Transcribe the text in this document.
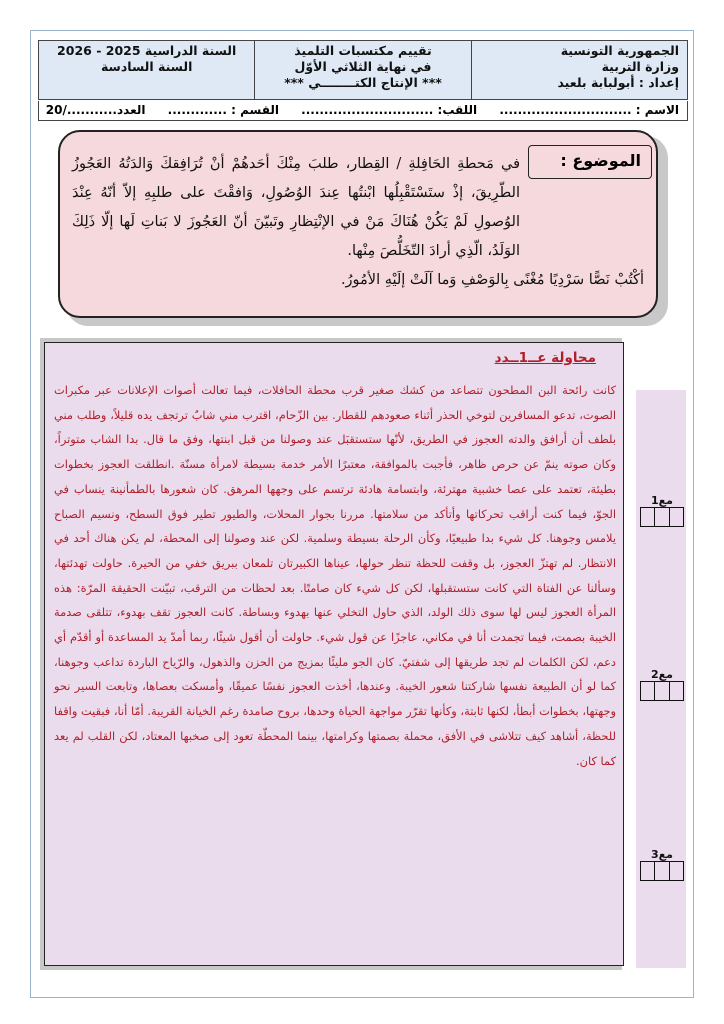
الجمهورية التونسية
وزارة التربية
إعداد : أبولبابة بلعيد
تقييم مكتسبات التلميذ
في نهاية الثلاثي الأوّل
*** الإنتاج الكتــــــــي ***
السنة الدراسية 2025 - 2026
السنة السادسة
الاسم : ............................. اللقب: ............................. القسم : ............. العدد.........../20

في مَحطةِ الحَافِلةِ / القِطار، طلبَ مِنْكَ أحَدهُمْ أنْ تُرَافِقكَ وَالدَتُهُ العَجُوزُ الطّرِيقَ، إذْ ستَسْتَقْبِلُها ابْنتُها عِندَ الوُصُولِ، وَافقْتَ على طلبِهِ إلاّ أنّهُ عِنْدَ الوُصولِ لَمْ يَكُنْ هُنَاكَ مَنْ في الإنْتِظارِ وتَبيّنَ أنّ العَجُوزَ لا بَناتِ لَها إلّا ذَلِكَ الوَلَدُ، الّذِي أرادَ التّخَلُّصَ مِنْها.

أكْتُبْ نَصًّا سَرْدِيًا مُغْنًى بِالوَصْفِ وَما آلَتْ إلَيْهِ الأمُورُ.

الموضوع :
محاولة عــ1ــدد

كانت رائحة البن المطحون تتصاعد من كشك صغير قرب محطة الحافلات، فيما تعالت أصوات الإعلانات عبر مكبرات الصوت، تدعو المسافرين لتوخي الحذر أثناء صعودهم للقطار. بين الزّحام، اقترب مني شابٌ ترتجف يده قليلاً، وطلب مني بلطف أن أرافق والدته العجوز في الطريق، لأنّها ستستقبَل عند وصولنا من قبل ابنتها، وفق ما قال. بدا الشاب متوتراً، وكان صوته ينمّ عن حرص ظاهر، فأجبت بالموافقة، معتبرًا الأمر خدمة بسيطة لامرأة مسنّة .انطلقت العجوز بخطوات بطيئة، تعتمد على عصا خشبية مهترئة، وابتسامة هادئة ترتسم على وجهها المرهق. كان شعورها بالطمأنينة ينساب في الجوّ، فيما كنت أراقب تحركاتها وأتأكد من سلامتها. مررنا بجوار المحلات، والطيور تطير فوق السطح، ونسيم الصباح يلامس وجوهنا. كل شيء بدا طبيعيًا، وكأن الرحلة بسيطة وسلمية. لكن عند وصولنا إلى المحطة، لم يكن هناك أحد في الانتظار. لم تهتزّ العجوز، بل وقفت للحظة تنظر حولها، عيناها الكبيرتان تلمعان ببريق خفي من الحيرة. حاولت تهدئتها، وسألنا عن الفتاة التي كانت ستستقبلها، لكن كل شيء كان صامتًا. بعد لحظات من الترقب، تبيّنت الحقيقة المرّة: هذه المرأة العجوز ليس لها سوى ذلك الولد، الذي حاول التخلي عنها بهدوء وبساطة. كانت العجوز تقف بهدوء، تتلقى صدمة الخيبة بصمت، فيما تجمدت أنا في مكاني، عاجزًا عن قول شيء. حاولت أن أقول شيئًا، ربما أمدّ يد المساعدة أو أقدّم أي دعم، لكن الكلمات لم تجد طريقها إلى شفتيّ. كان الجو مليئًا بمزيج من الحزن والذهول، والرّياح الباردة تداعب وجوهنا، كما لو أن الطبيعة نفسها شاركتنا شعور الخيبة. وعندها، أخذت العجوز نفسًا عميقًا، وأمسكت بعصاها، وتابعت السير نحو وجهتها، بخطوات أبطأ، لكنها ثابتة، وكأنها تقرّر مواجهة الحياة وحدها، بروح صامدة رغم الخيانة القريبة. أمّا أنا، فبقيت واقفا للحظة، أشاهد كيف تتلاشى في الأفق، محملة بصمتها وكرامتها، بينما المحطّة تعود إلى صخبها المعتاد، لكن القلب لم يعد كما كان.

مع1
مع2
مع3
